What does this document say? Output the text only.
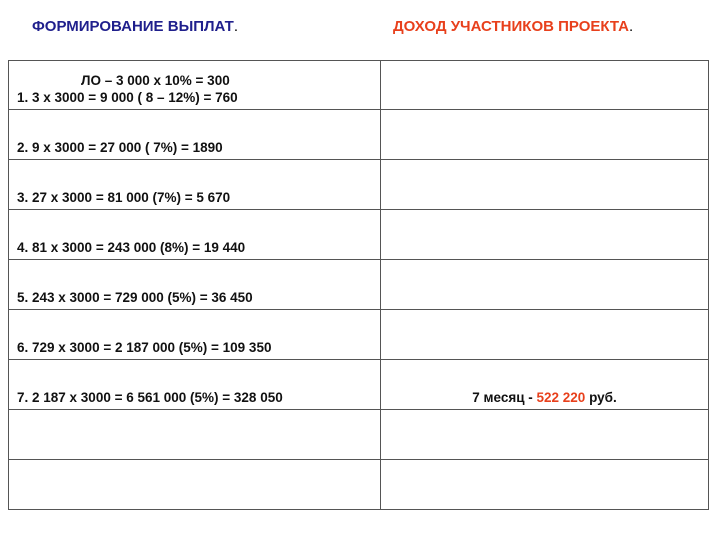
ФОРМИРОВАНИЕ ВЫПЛАТ.	ДОХОД УЧАСТНИКОВ ПРОЕКТА.
ЛО – 3 000 х 10% = 300
1. 3 х 3000 = 9 000 ( 8 – 12%) = 760	

2. 9 х 3000 = 27 000 ( 7%) = 1890	

3. 27 х 3000 = 81 000 (7%) = 5 670	

4. 81 х 3000 = 243 000 (8%) = 19 440	

5. 243 х 3000 = 729 000 (5%) = 36 450	

6. 729 х 3000 = 2 187 000 (5%) = 109 350	

7. 2 187 х 3000 = 6 561 000 (5%) = 328 050	7 месяц - 522 220 руб.
